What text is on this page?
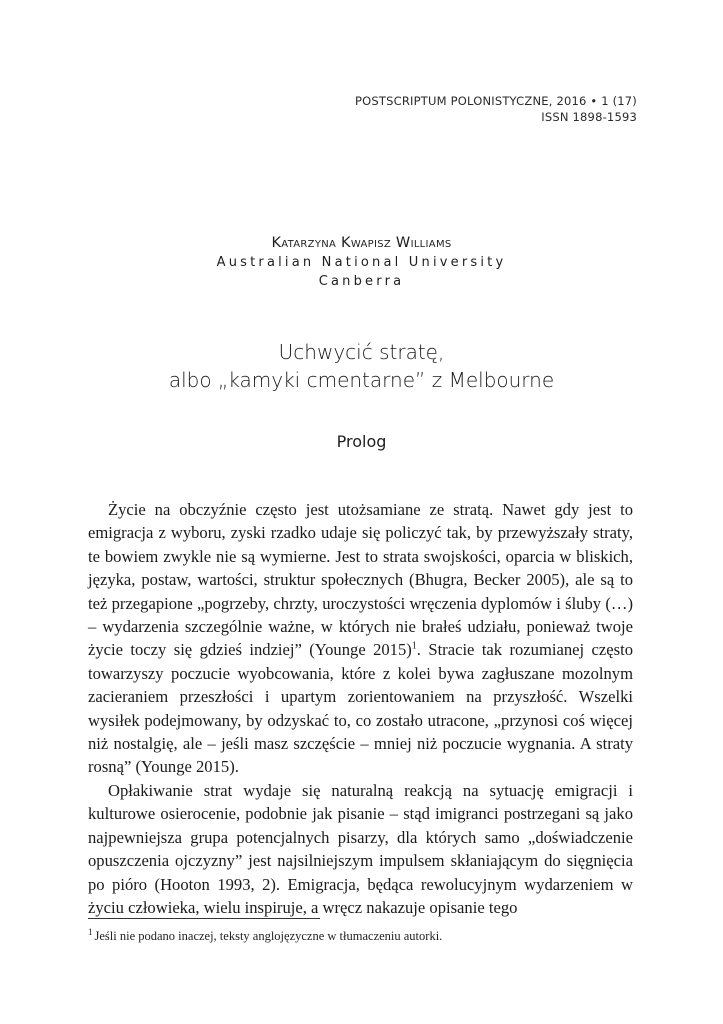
POSTSCRIPTUM POLONISTYCZNE, 2016 • 1 (17)
ISSN 1898-1593
Katarzyna Kwapisz Williams
Australian National University
Canberra
Uchwycić stratę,
albo „kamyki cmentarne” z Melbourne
Prolog

Życie na obczyźnie często jest utożsamiane ze stratą. Nawet gdy jest to emigracja z wyboru, zyski rzadko udaje się policzyć tak, by przewyższały straty, te bowiem zwykle nie są wymierne. Jest to strata swojskości, oparcia w bliskich, języka, postaw, wartości, struktur społecznych (Bhugra, Becker 2005), ale są to też przegapione „pogrzeby, chrzty, uroczystości wręczenia dyplomów i śluby (…) – wydarzenia szczególnie ważne, w których nie brałeś udziału, ponieważ twoje życie toczy się gdzieś indziej” (Younge 2015)$^1$. Stracie tak rozumianej często towarzyszy poczucie wyobcowania, które z kolei bywa zagłuszane mozolnym zacieraniem przeszłości i upartym zorientowaniem na przyszłość. Wszelki wysiłek podejmowany, by odzyskać to, co zostało utracone, „przynosi coś więcej niż nostalgię, ale – jeśli masz szczęście – mniej niż poczucie wygnania. A straty rosną” (Younge 2015).

Opłakiwanie strat wydaje się naturalną reakcją na sytuację emigracji i kulturowe osierocenie, podobnie jak pisanie – stąd imigranci postrzegani są jako najpewniejsza grupa potencjalnych pisarzy, dla których samo „doświadczenie opuszczenia ojczyzny” jest najsilniejszym impulsem skłaniającym do sięgnięcia po pióro (Hooton 1993, 2). Emigracja, będąca rewolucyjnym wydarzeniem w życiu człowieka, wielu inspiruje, a wręcz nakazuje opisanie tego

$^1$ Jeśli nie podano inaczej, teksty anglojęzyczne w tłumaczeniu autorki.
